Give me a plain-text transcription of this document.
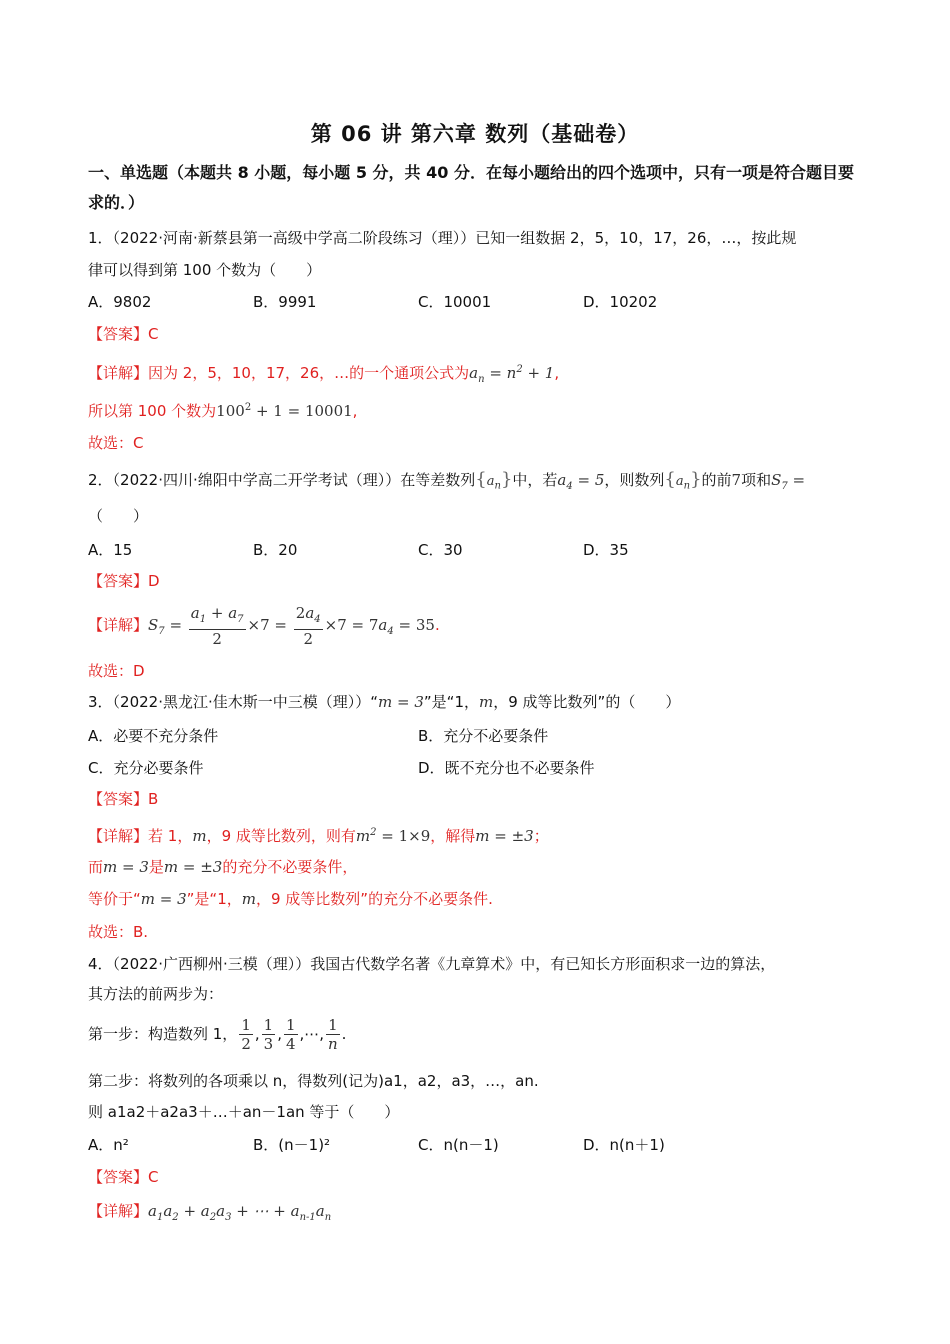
第 06 讲 第六章 数列（基础卷）
一、单选题（本题共 8 小题，每小题 5 分，共 40 分．在每小题给出的四个选项中，只有一项是符合题目要求的．）
1．（2022·河南·新蔡县第一高级中学高二阶段练习（理））已知一组数据 2，5，10，17，26，…，按此规
律可以得到第 100 个数为（　　）
A．9802	B．9991	C．10001	D．10202
【答案】C
【详解】因为 2，5，10，17，26，…的一个通项公式为$a_n = n^2 + 1$,
所以第 100 个数为$100^2 + 1 = 10001$,
故选：C
2．（2022·四川·绵阳中学高二开学考试（理））在等差数列$\{a_n\}$中，若$a_4 = 5$，则数列$\{a_n\}$的前7项和$S_7$ =
（　　）
A．15	B．20	C．30	D．35
【答案】D
【详解】$S_7 = \frac{a_1 + a_7}{2} \times 7 = \frac{2a_4}{2} \times 7 = 7a_4 = 35$.
故选：D
3．（2022·黑龙江·佳木斯一中三模（理））“m = 3”是“1，m，9 成等比数列”的（　　）
A．必要不充分条件	B．充分不必要条件
C．充分必要条件	D．既不充分也不必要条件
【答案】B
【详解】若 1，m，9 成等比数列，则有$m^2 = 1\times 9$，解得m = ±3；
而m = 3是m = ±3的充分不必要条件，
等价于“m = 3”是“1，m，9 成等比数列”的充分不必要条件.
故选：B.
4．（2022·广西柳州·三模（理））我国古代数学名著《九章算术》中，有已知长方形面积求一边的算法，
其方法的前两步为：
第一步：构造数列 1， $\frac{1}{2}$ , $\frac{1}{3}$ , $\frac{1}{4}$ ,⋯, $\frac{1}{n}$ .
第二步：将数列的各项乘以 n，得数列(记为)a1，a2，a3，…，an.
则 a1a2＋a2a3＋…＋an－1an 等于（　　）
A．n²	B．(n－1)²	C．n(n－1)	D．n(n＋1)
【答案】C
【详解】$a_1a_2 + a_2a_3$ + ⋯ + $a_{n-1}a_n$
